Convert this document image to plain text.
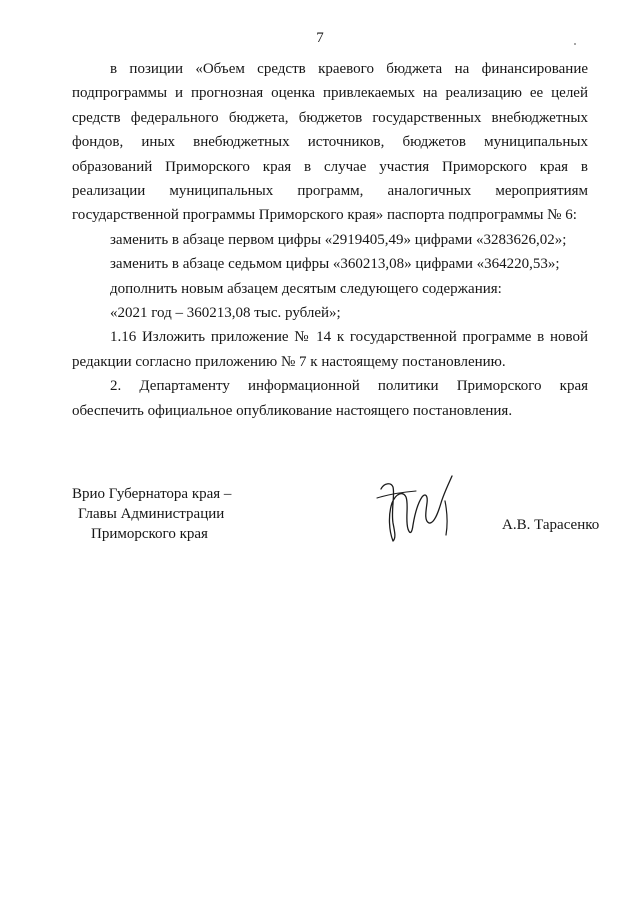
7

в позиции «Объем средств краевого бюджета на финансирование подпрограммы и прогнозная оценка привлекаемых на реализацию ее целей средств федерального бюджета, бюджетов государственных внебюджетных фондов, иных внебюджетных источников, бюджетов муниципальных образований Приморского края в случае участия Приморского края в реализации муниципальных программ, аналогичных мероприятиям государственной программы Приморского края» паспорта подпрограммы № 6:

заменить в абзаце первом цифры «2919405,49» цифрами «3283626,02»;

заменить в абзаце седьмом цифры «360213,08» цифрами «364220,53»;

дополнить новым абзацем десятым следующего содержания:

«2021 год – 360213,08 тыс. рублей»;

1.16 Изложить приложение № 14 к государственной программе в новой редакции согласно приложению № 7 к настоящему постановлению.

2. Департаменту информационной политики Приморского края обеспечить официальное опубликование настоящего постановления.

Врио Губернатора края –
Главы Администрации
Приморского края
А.В. Тарасенко
